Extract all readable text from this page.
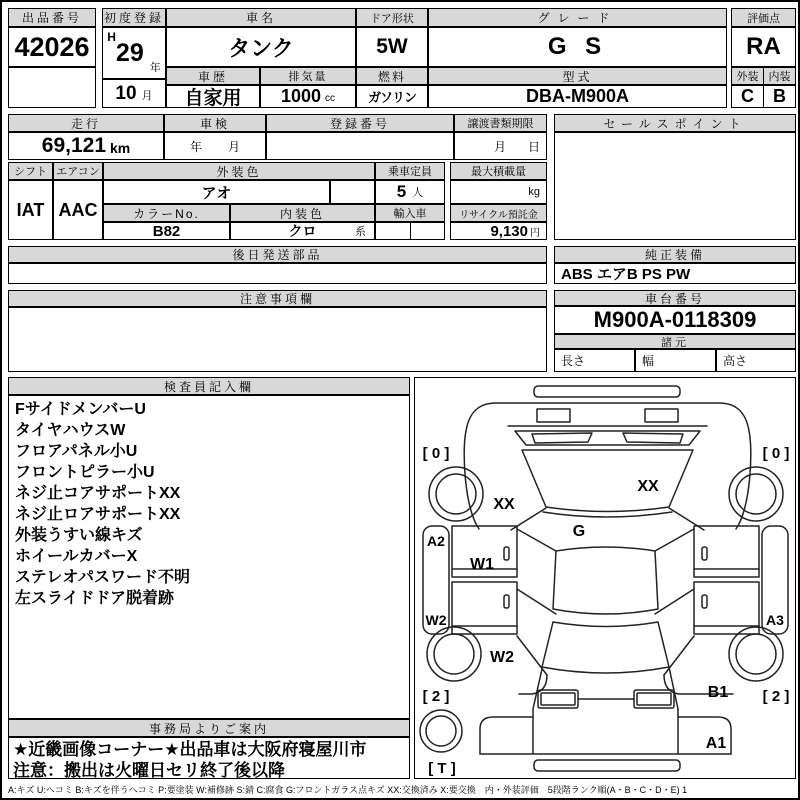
出品番号
42026
初度登録
H
29
年
10 月
車名
タンク
車歴
自家用
排気量
1000 cc
ドア形状
5W
燃料
ガソリン
グレード
G S
型式
DBA-M900A
評価点
RA
外装 内装
C	B
走行
69,121 km
車検
年 月
登録番号	譲渡書類期限
月 日
セールスポイント
シフト エアコン
IAT AAC
外装色
アオ
乗車定員
5 人
最大積載量
kg
カラーNo.
B82
内装色
クロ	系
輸入車	リサイクル預託金
9,130 円
後日発送部品	純正装備
ABS エアB PS PW
注意事項欄	車台番号
M900A-0118309
諸元
長さ	幅	高さ
検査員記入欄
FサイドメンバーU
タイヤハウスW
フロアパネル小U
フロントピラー小U
ネジ止コアサポートXX
ネジ止ロアサポートXX
外装うすい線キズ
ホイールカバーX
ステレオパスワード不明
左スライドドア脱着跡
事務局よりご案内
★近畿画像コーナー★出品車は大阪府寝屋川市
注意：搬出は火曜日セリ終了後以降
[ 0 ]	[ 0 ]
XX
XX
G
A2
W1
W2
W2
[ 2 ]
[ T ]
B1 [ 2 ]
A1
A3
A:キズ U:ヘコミ B:キズを伴うヘコミ P:要塗装 W:補修跡 S:錆 C:腐食 G:フロントガラス点キズ XX:交換済み X:要交換　内・外装評価　5段階ランク順(A・B・C・D・E) 1
